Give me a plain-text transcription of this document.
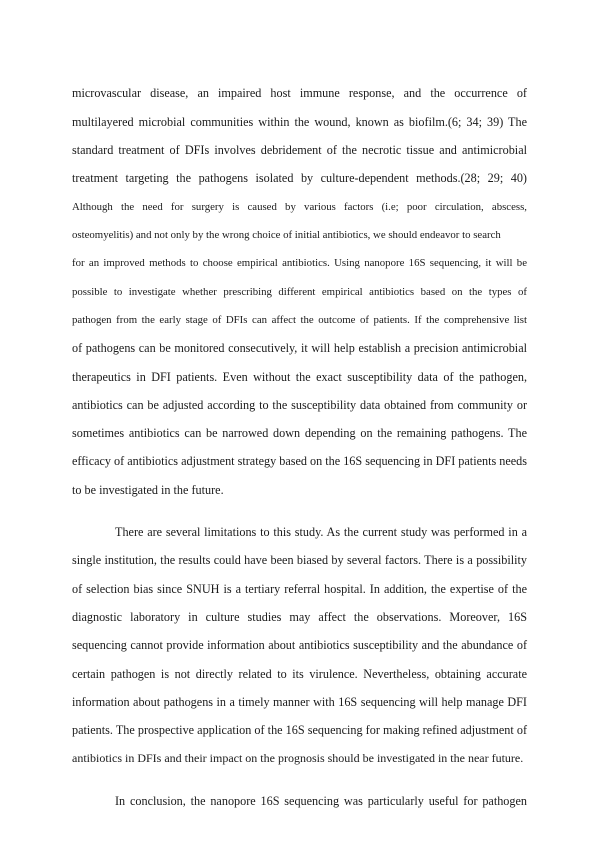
microvascular disease, an impaired host immune response, and the occurrence of
multilayered microbial communities within the wound, known as biofilm.(6; 34; 39) The
standard treatment of DFIs involves debridement of the necrotic tissue and antimicrobial
treatment targeting the pathogens isolated by culture-dependent methods.(28; 29; 40)
Although the need for surgery is caused by various factors (i.e; poor circulation, abscess,
osteomyelitis) and not only by the wrong choice of initial antibiotics, we should endeavor to search
for an improved methods to choose empirical antibiotics. Using nanopore 16S sequencing, it will be
possible to investigate whether prescribing different empirical antibiotics based on the types of
pathogen from the early stage of DFIs can affect the outcome of patients. If the comprehensive list
of pathogens can be monitored consecutively, it will help establish a precision antimicrobial
therapeutics in DFI patients. Even without the exact susceptibility data of the pathogen,
antibiotics can be adjusted according to the susceptibility data obtained from community or
sometimes antibiotics can be narrowed down depending on the remaining pathogens. The
efficacy of antibiotics adjustment strategy based on the 16S sequencing in DFI patients needs
to be investigated in the future.
There are several limitations to this study. As the current study was performed in a
single institution, the results could have been biased by several factors. There is a possibility
of selection bias since SNUH is a tertiary referral hospital. In addition, the expertise of the
diagnostic laboratory in culture studies may affect the observations. Moreover, 16S
sequencing cannot provide information about antibiotics susceptibility and the abundance of
certain pathogen is not directly related to its virulence. Nevertheless, obtaining accurate
information about pathogens in a timely manner with 16S sequencing will help manage DFI
patients. The prospective application of the 16S sequencing for making refined adjustment of
antibiotics in DFIs and their impact on the prognosis should be investigated in the near future.
In conclusion, the nanopore 16S sequencing was particularly useful for pathogen
